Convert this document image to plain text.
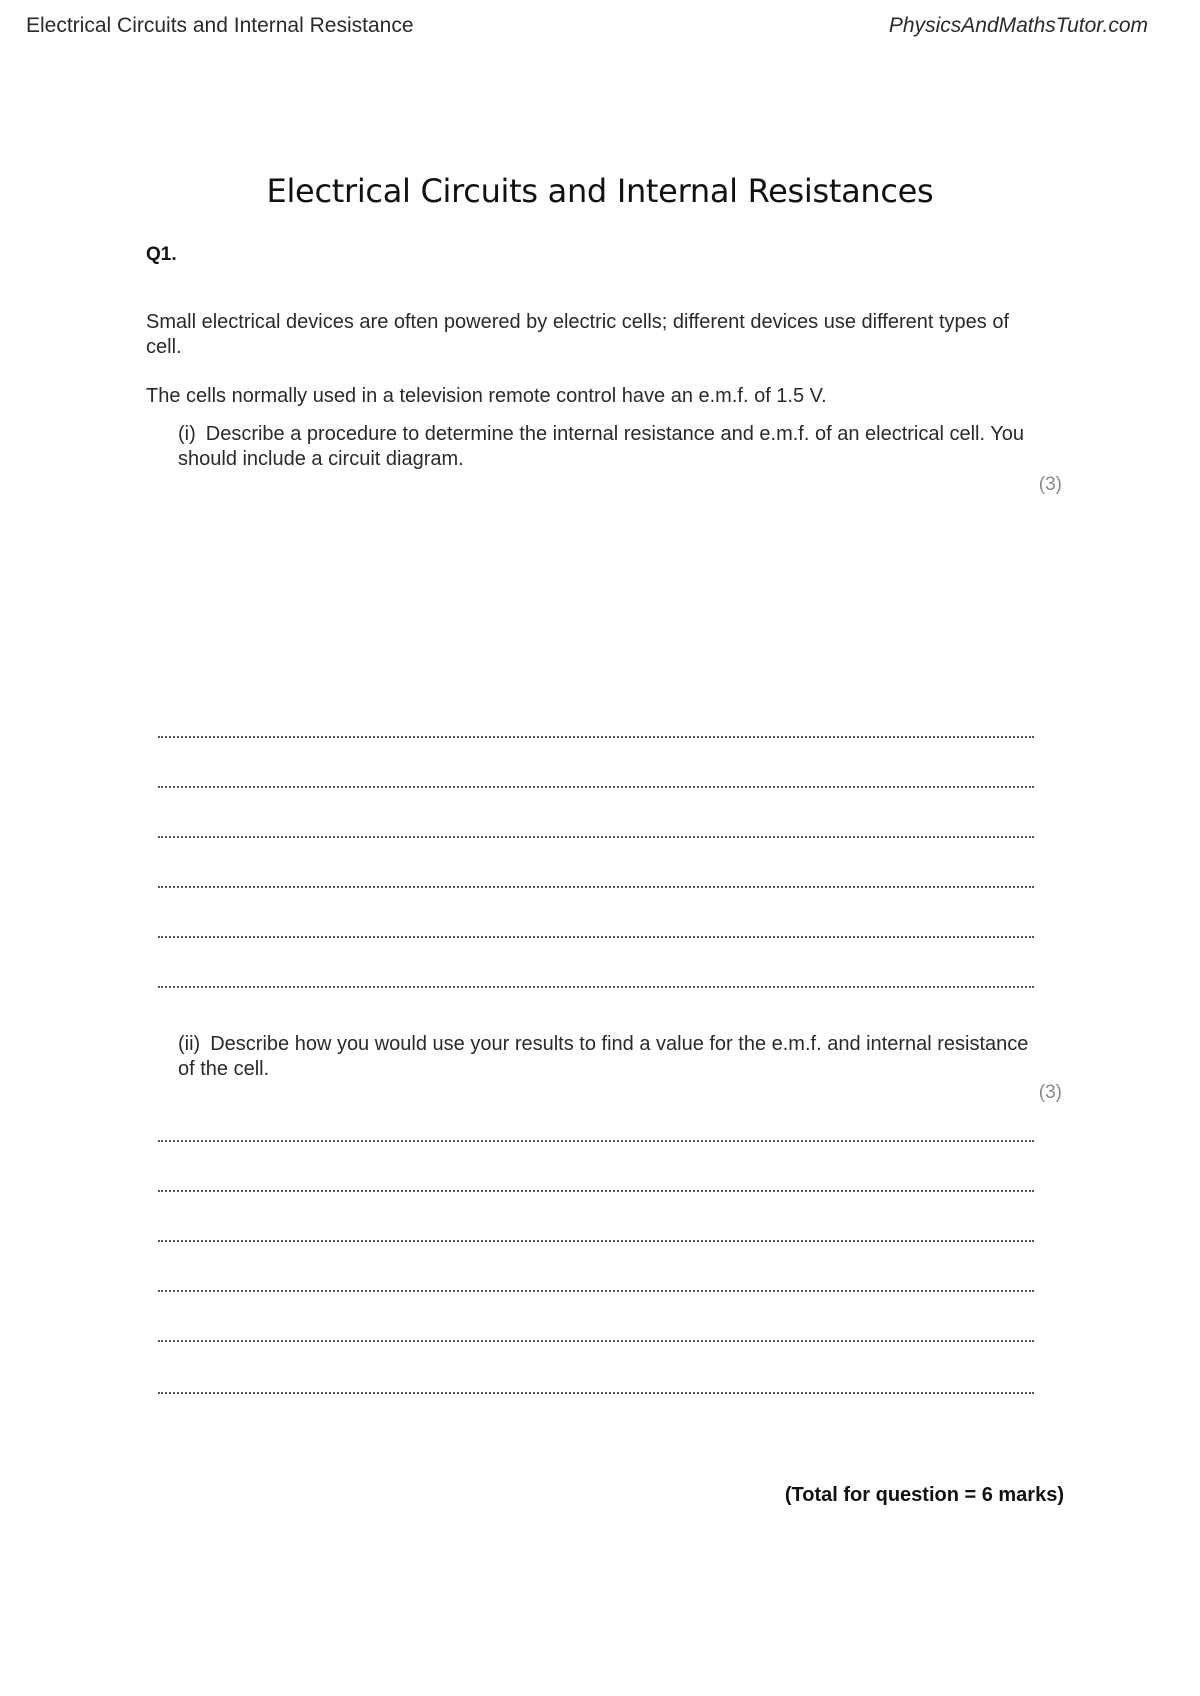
Electrical Circuits and Internal Resistance	PhysicsAndMathsTutor.com
Electrical Circuits and Internal Resistances
Q1.
Small electrical devices are often powered by electric cells; different devices use different types of cell.
The cells normally used in a television remote control have an e.m.f. of 1.5 V.
(i) Describe a procedure to determine the internal resistance and e.m.f. of an electrical cell. You should include a circuit diagram.
(3)
(ii) Describe how you would use your results to find a value for the e.m.f. and internal resistance of the cell.
(3)
(Total for question = 6 marks)
